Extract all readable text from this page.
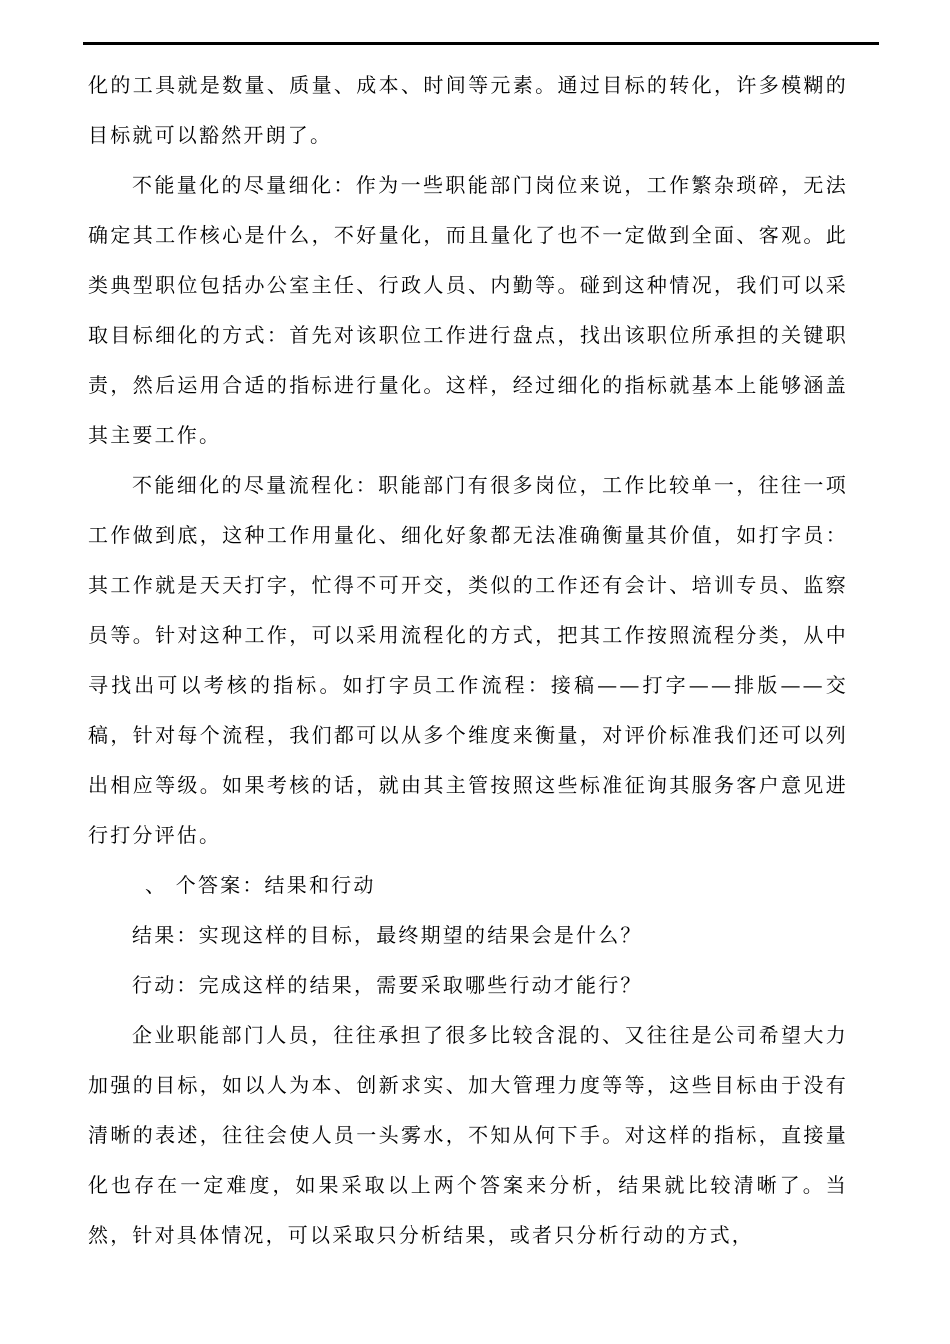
化的工具就是数量、质量、成本、时间等元素。通过目标的转化，许多模糊的目标就可以豁然开朗了。

不能量化的尽量细化：作为一些职能部门岗位来说，工作繁杂琐碎，无法确定其工作核心是什么，不好量化，而且量化了也不一定做到全面、客观。此类典型职位包括办公室主任、行政人员、内勤等。碰到这种情况，我们可以采取目标细化的方式：首先对该职位工作进行盘点，找出该职位所承担的关键职责，然后运用合适的指标进行量化。这样，经过细化的指标就基本上能够涵盖其主要工作。

不能细化的尽量流程化：职能部门有很多岗位，工作比较单一，往往一项工作做到底，这种工作用量化、细化好象都无法准确衡量其价值，如打字员：其工作就是天天打字，忙得不可开交，类似的工作还有会计、培训专员、监察员等。针对这种工作，可以采用流程化的方式，把其工作按照流程分类，从中寻找出可以考核的指标。如打字员工作流程：接稿——打字——排版——交稿，针对每个流程，我们都可以从多个维度来衡量，对评价标准我们还可以列出相应等级。如果考核的话，就由其主管按照这些标准征询其服务客户意见进行打分评估。

、 个答案：结果和行动

结果：实现这样的目标，最终期望的结果会是什么？

行动：完成这样的结果，需要采取哪些行动才能行？

企业职能部门人员，往往承担了很多比较含混的、又往往是公司希望大力加强的目标，如以人为本、创新求实、加大管理力度等等，这些目标由于没有清晰的表述，往往会使人员一头雾水，不知从何下手。对这样的指标，直接量化也存在一定难度，如果采取以上两个答案来分析，结果就比较清晰了。当然，针对具体情况，可以采取只分析结果，或者只分析行动的方式，
